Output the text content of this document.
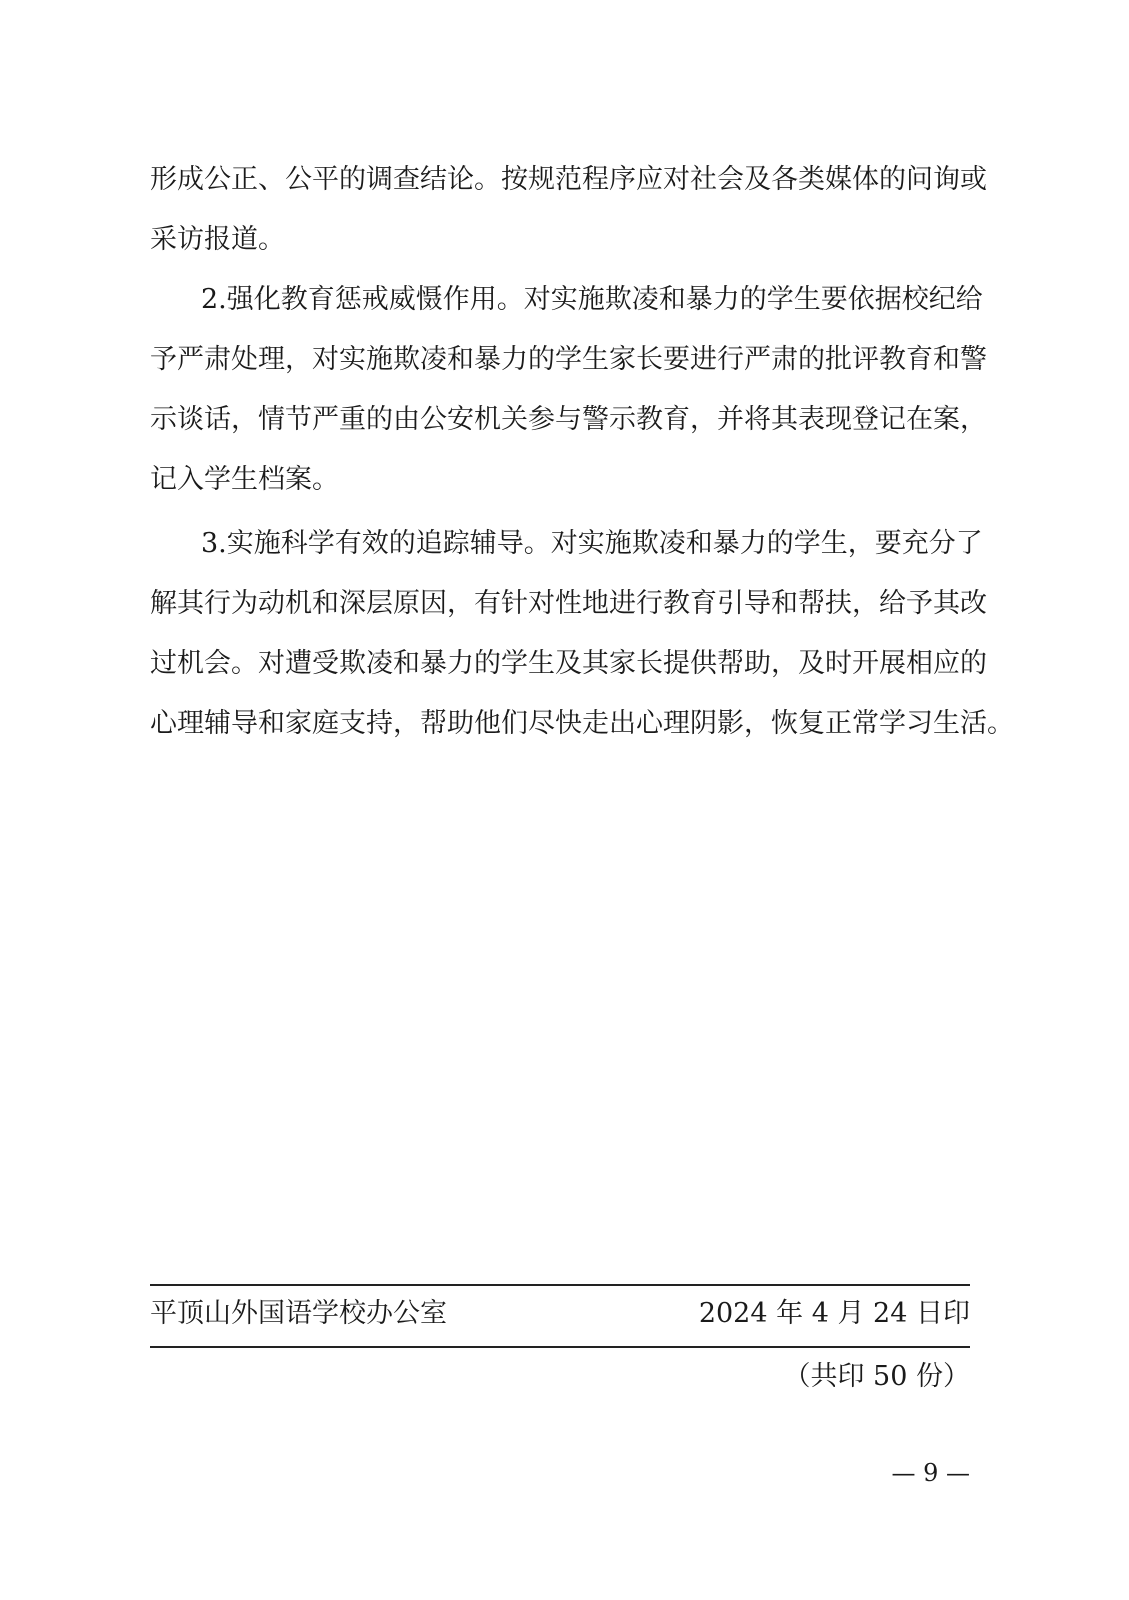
形成公正、公平的调查结论。按规范程序应对社会及各类媒体的问询或
采访报道。
2.强化教育惩戒威慑作用。对实施欺凌和暴力的学生要依据校纪给
予严肃处理，对实施欺凌和暴力的学生家长要进行严肃的批评教育和警
示谈话，情节严重的由公安机关参与警示教育，并将其表现登记在案，
记入学生档案。
3.实施科学有效的追踪辅导。对实施欺凌和暴力的学生，要充分了
解其行为动机和深层原因，有针对性地进行教育引导和帮扶，给予其改
过机会。对遭受欺凌和暴力的学生及其家长提供帮助，及时开展相应的
心理辅导和家庭支持，帮助他们尽快走出心理阴影，恢复正常学习生活。
平顶山外国语学校办公室	2024 年 4 月 24 日印
（共印 50 份）
— 9 —
